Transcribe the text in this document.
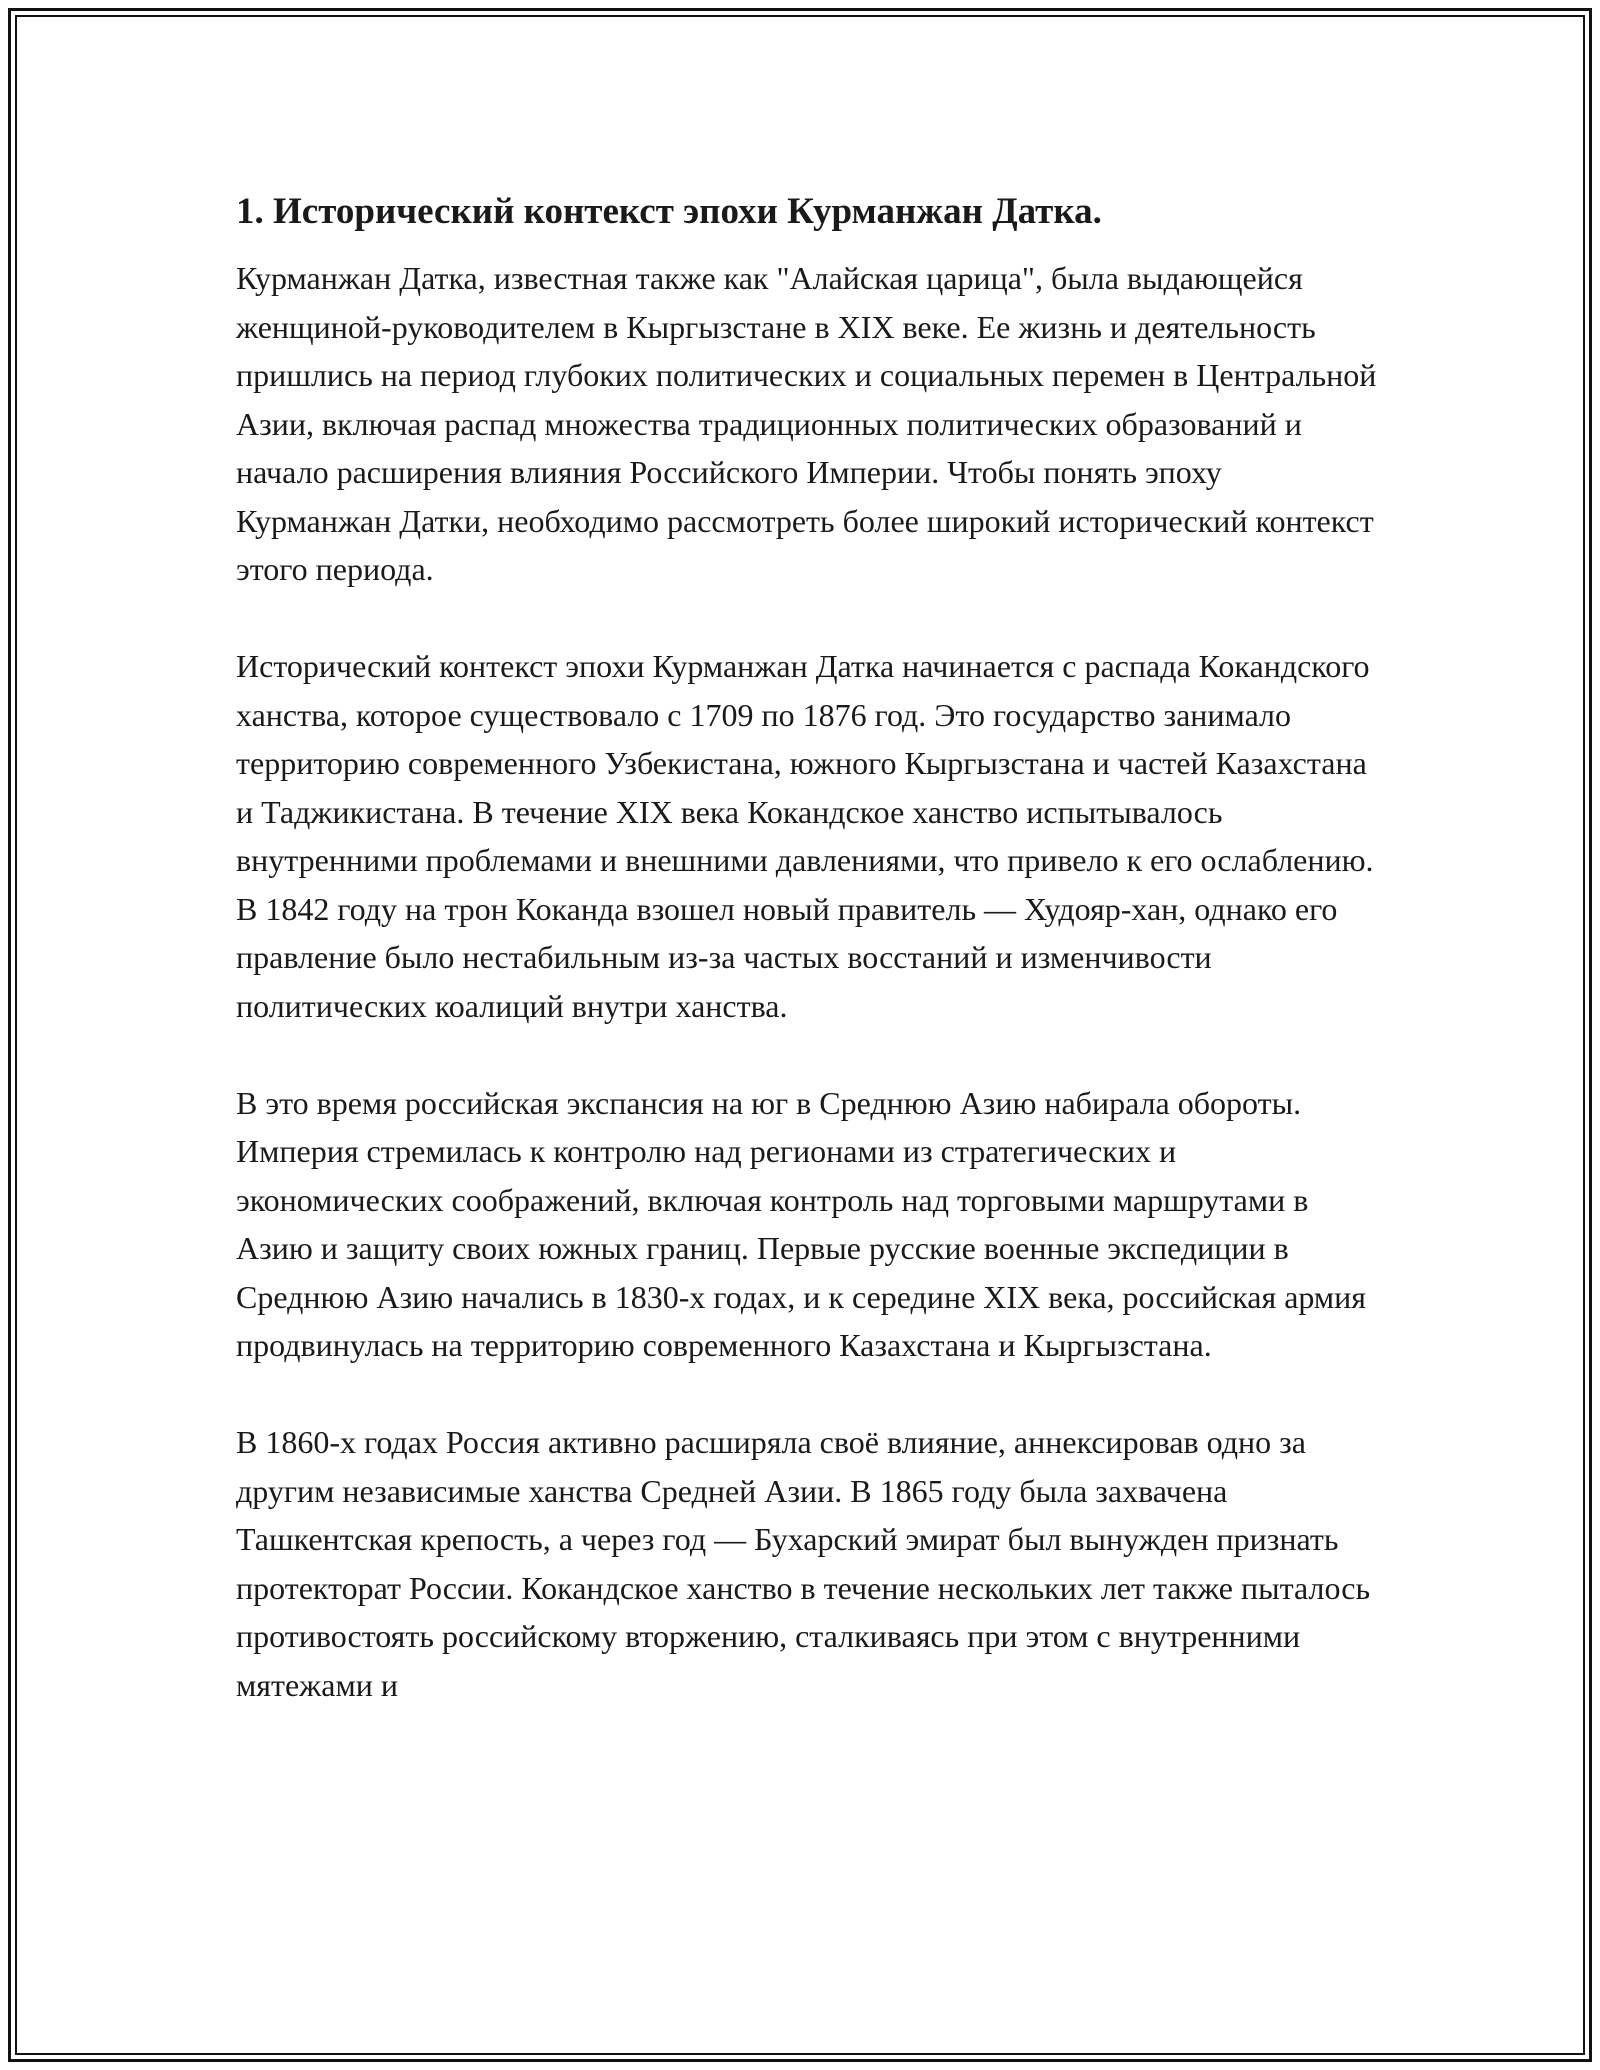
1. Исторический контекст эпохи Курманжан Датка.

Курманжан Датка, известная также как "Алайская царица", была выдающейся женщиной-руководителем в Кыргызстане в XIX веке. Ее жизнь и деятельность пришлись на период глубоких политических и социальных перемен в Центральной Азии, включая распад множества традиционных политических образований и начало расширения влияния Российского Империи. Чтобы понять эпоху Курманжан Датки, необходимо рассмотреть более широкий исторический контекст этого периода.

Исторический контекст эпохи Курманжан Датка начинается с распада Кокандского ханства, которое существовало с 1709 по 1876 год. Это государство занимало территорию современного Узбекистана, южного Кыргызстана и частей Казахстана и Таджикистана. В течение XIX века Кокандское ханство испытывалось внутренними проблемами и внешними давлениями, что привело к его ослаблению. В 1842 году на трон Коканда взошел новый правитель — Худояр-хан, однако его правление было нестабильным из-за частых восстаний и изменчивости политических коалиций внутри ханства.

В это время российская экспансия на юг в Среднюю Азию набирала обороты. Империя стремилась к контролю над регионами из стратегических и экономических соображений, включая контроль над торговыми маршрутами в Азию и защиту своих южных границ. Первые русские военные экспедиции в Среднюю Азию начались в 1830-х годах, и к середине XIX века, российская армия продвинулась на территорию современного Казахстана и Кыргызстана.

В 1860-х годах Россия активно расширяла своё влияние, аннексировав одно за другим независимые ханства Средней Азии. В 1865 году была захвачена Ташкентская крепость, а через год — Бухарский эмират был вынужден признать протекторат России. Кокандское ханство в течение нескольких лет также пыталось противостоять российскому вторжению, сталкиваясь при этом с внутренними мятежами и
